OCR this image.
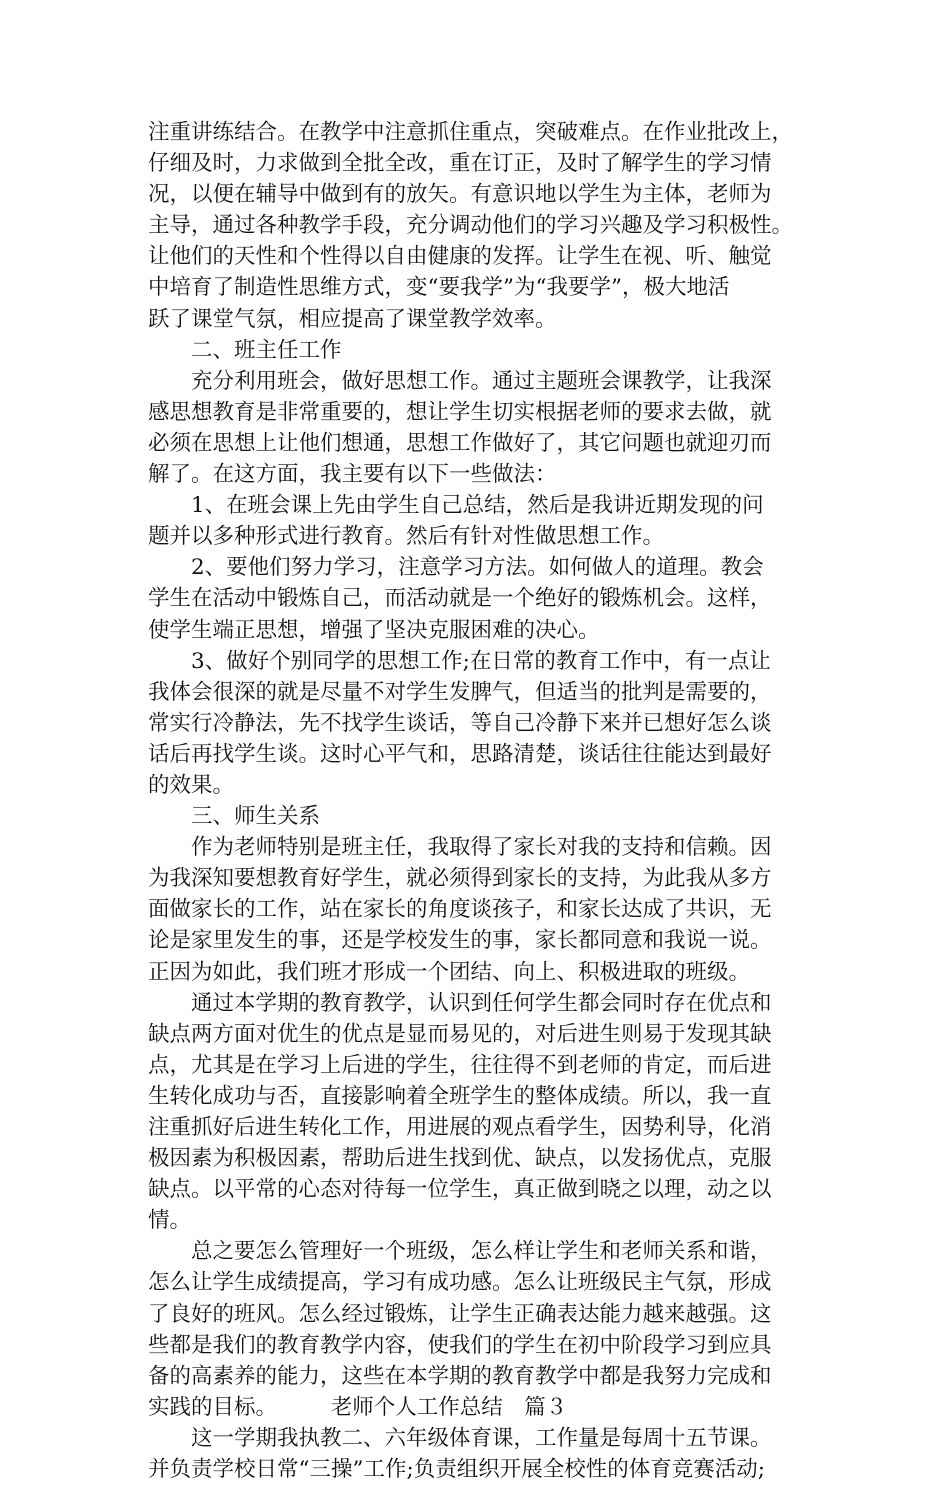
注重讲练结合。在教学中注意抓住重点，突破难点。在作业批改上，
仔细及时，力求做到全批全改，重在订正，及时了解学生的学习情
况，以便在辅导中做到有的放矢。有意识地以学生为主体，老师为
主导，通过各种教学手段，充分调动他们的学习兴趣及学习积极性。
让他们的天性和个性得以自由健康的发挥。让学生在视、听、触觉
中培育了制造性思维方式，变“要我学”为“我要学”，极大地活
跃了课堂气氛，相应提高了课堂教学效率。
　　二、班主任工作
　　充分利用班会，做好思想工作。通过主题班会课教学，让我深
感思想教育是非常重要的，想让学生切实根据老师的要求去做，就
必须在思想上让他们想通，思想工作做好了，其它问题也就迎刃而
解了。在这方面，我主要有以下一些做法：
　　1、在班会课上先由学生自己总结，然后是我讲近期发现的问
题并以多种形式进行教育。然后有针对性做思想工作。
　　2、要他们努力学习，注意学习方法。如何做人的道理。教会
学生在活动中锻炼自己，而活动就是一个绝好的锻炼机会。这样，
使学生端正思想，增强了坚决克服困难的决心。
　　3、做好个别同学的思想工作;在日常的教育工作中，有一点让
我体会很深的就是尽量不对学生发脾气，但适当的批判是需要的，
常实行冷静法，先不找学生谈话，等自己冷静下来并已想好怎么谈
话后再找学生谈。这时心平气和，思路清楚，谈话往往能达到最好
的效果。
　　三、师生关系
　　作为老师特别是班主任，我取得了家长对我的支持和信赖。因
为我深知要想教育好学生，就必须得到家长的支持，为此我从多方
面做家长的工作，站在家长的角度谈孩子，和家长达成了共识，无
论是家里发生的事，还是学校发生的事，家长都同意和我说一说。
正因为如此，我们班才形成一个团结、向上、积极进取的班级。
　　通过本学期的教育教学，认识到任何学生都会同时存在优点和
缺点两方面对优生的优点是显而易见的，对后进生则易于发现其缺
点，尤其是在学习上后进的学生，往往得不到老师的肯定，而后进
生转化成功与否，直接影响着全班学生的整体成绩。所以，我一直
注重抓好后进生转化工作，用进展的观点看学生，因势利导，化消
极因素为积极因素，帮助后进生找到优、缺点，以发扬优点，克服
缺点。以平常的心态对待每一位学生，真正做到晓之以理，动之以
情。
　　总之要怎么管理好一个班级，怎么样让学生和老师关系和谐，
怎么让学生成绩提高，学习有成功感。怎么让班级民主气氛，形成
了良好的班风。怎么经过锻炼，让学生正确表达能力越来越强。这
些都是我们的教育教学内容，使我们的学生在初中阶段学习到应具
备的高素养的能力，这些在本学期的教育教学中都是我努力完成和
实践的目标。　　　老师个人工作总结　篇３
　　这一学期我执教二、六年级体育课，工作量是每周十五节课。
并负责学校日常“三操”工作;负责组织开展全校性的体育竞赛活动;
